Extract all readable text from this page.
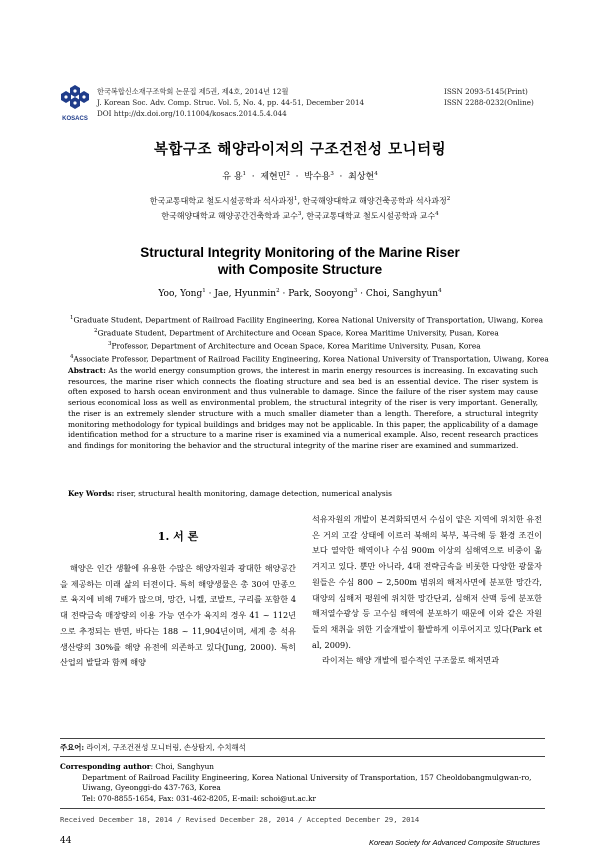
KOSACS
한국복합신소재구조학회 논문집 제5권, 제4호, 2014년 12월
J. Korean Soc. Adv. Comp. Struc. Vol. 5, No. 4, pp. 44-51, December 2014
DOI http://dx.doi.org/10.11004/kosacs.2014.5.4.044
ISSN 2093-5145(Print)
ISSN 2288-0232(Online)
복합구조 해양라이저의 구조건전성 모니터링
유 용$^1$  ·  제현민$^2$  ·  박수용$^3$  ·  최상현$^4$
한국교통대학교 철도시설공학과 석사과정$^1$, 한국해양대학교 해양건축공학과 석사과정$^2$
한국해양대학교 해양공간건축학과 교수$^3$, 한국교통대학교 철도시설공학과 교수$^4$
Structural Integrity Monitoring of the Marine Riser
with Composite Structure
Yoo, Yong$^1$ · Jae, Hyunmin$^2$ · Park, Sooyong$^3$ · Choi, Sanghyun$^4$
$^1$Graduate Student, Department of Railroad Facility Engineering, Korea National University of Transportation, Uiwang, Korea
$^2$Graduate Student, Department of Architecture and Ocean Space, Korea Maritime University, Pusan, Korea
$^3$Professor, Department of Architecture and Ocean Space, Korea Maritime University, Pusan, Korea
$^4$Associate Professor, Department of Railroad Facility Engineering, Korea National University of Transportation, Uiwang, Korea
Abstract: As the world energy consumption grows, the interest in marin energy resources is increasing. In excavating such resources, the marine riser which connects the floating structure and sea bed is an essential device. The riser system is often exposed to harsh ocean environment and thus vulnerable to damage. Since the failure of the riser system may cause serious economical loss as well as environmental problem, the structural integrity of the riser is very important. Generally, the riser is an extremely slender structure with a much smaller diameter than a length. Therefore, a structural integrity monitoring methodology for typical buildings and bridges may not be applicable. In this paper, the applicability of a damage identification method for a structure to a marine riser is examined via a numerical example. Also, recent research practices and findings for monitoring the behavior and the structural integrity of the marine riser are examined and summarized.
Key Words: riser, structural health monitoring, damage detection, numerical analysis
1. 서 론
해양은 인간 생활에 유용한 수많은 해양자원과 광대한 해양공간을 제공하는 미래 삶의 터전이다. 특히 해양생물은 총 30여 만종으로 육지에 비해 7배가 많으며, 망간, 니켈, 코발트, 구리를 포함한 4대 전략금속 매장량의 이용 가능 연수가 육지의 경우 41 ~ 112년으로 추정되는 반면, 바다는 188 ~ 11,904년이며, 세계 총 석유 생산량의 30%를 해양 유전에 의존하고 있다(Jung, 2000). 특히 산업의 발달과 함께 해양
석유자원의 개발이 본격화되면서 수심이 얕은 지역에 위치한 유전은 거의 고갈 상태에 이르러 북해의 북부, 북극해 등 환경 조건이 보다 열악한 해역이나 수심 900m 이상의 심해역으로 비중이 옮겨지고 있다. 뿐만 아니라, 4대 전략금속을 비롯한 다양한 광물자원들은 수심 800 ~ 2,500m 범위의 해저사면에 분포한 망간각, 대양의 심해저 평원에 위치한 망간단괴, 심해저 산맥 등에 분포한 해저열수광상 등 고수심 해역에 분포하기 때문에 이와 같은 자원들의 채취을 위한 기술개발이 활발하게 이루어지고 있다(Park et al, 2009).
라이저는 해양 개발에 필수적인 구조물로 해저면과
주요어: 라이저, 구조건전성 모니터링, 손상탐지, 수치해석
Corresponding author: Choi, Sanghyun
Department of Railroad Facility Engineering, Korea National University of Transportation, 157 Cheoldobangmulgwan-ro,
Uiwang, Gyeonggi-do 437-763, Korea
Tel: 070-8855-1654, Fax: 031-462-8205, E-mail: schoi@ut.ac.kr
Received December 18, 2014 / Revised December 28, 2014 / Accepted December 29, 2014
44	Korean Society for Advanced Composite Structures
